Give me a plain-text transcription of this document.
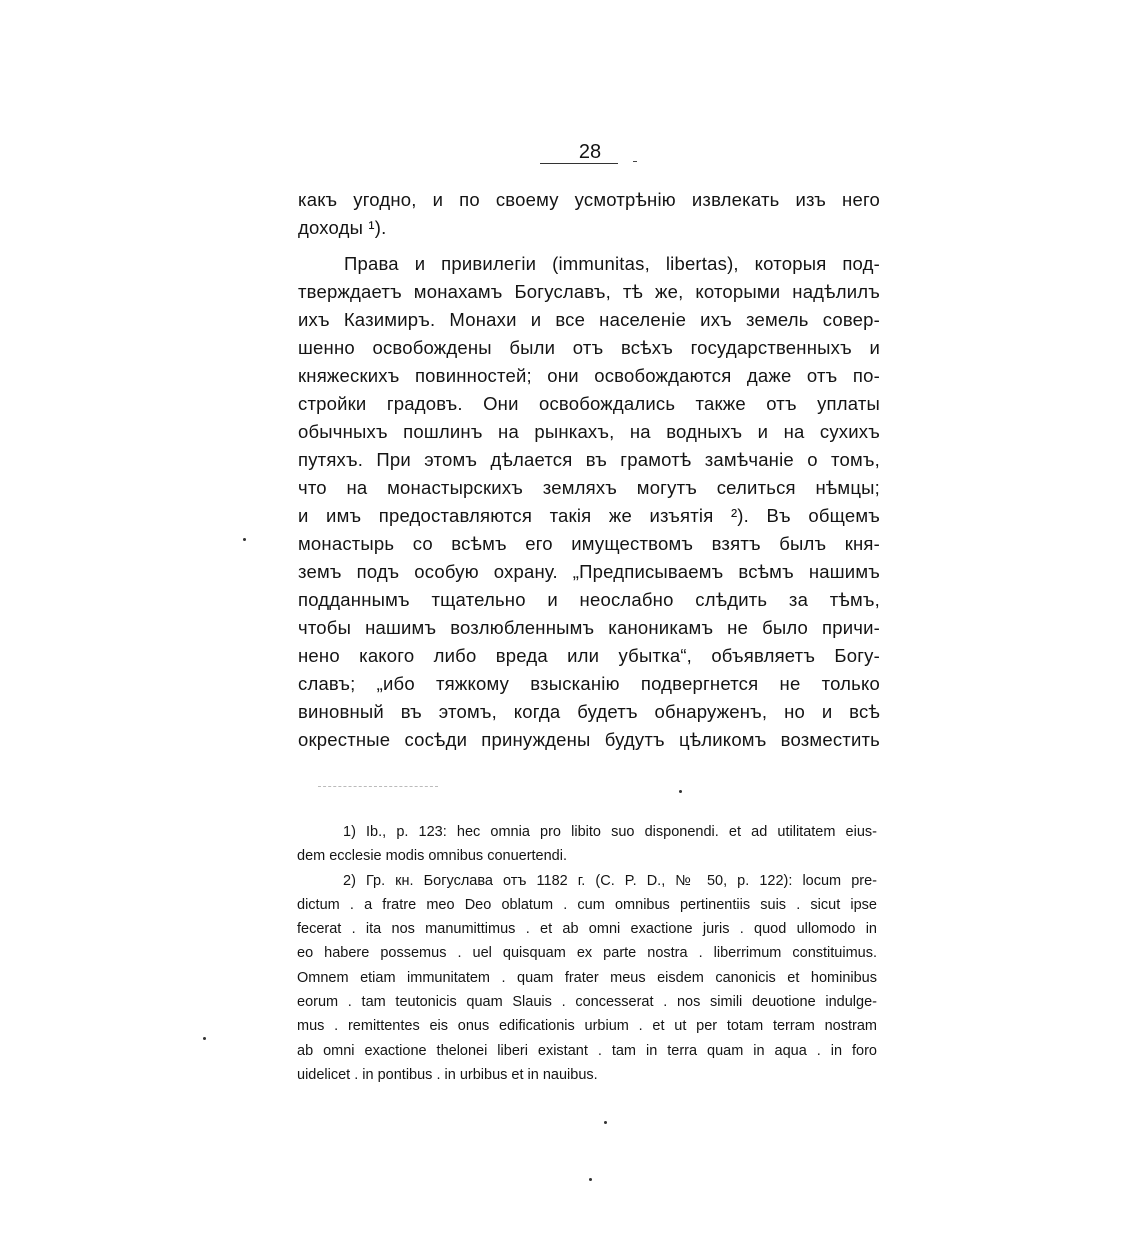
28
какъ угодно, и по своему усмотрѣнію извлекать изъ него
доходы ¹).
Права и привилегіи (immunitas, libertas), которыя под-
тверждаетъ монахамъ Богуславъ, тѣ же, которыми надѣлилъ
ихъ Казимиръ. Монахи и все населеніе ихъ земель совер-
шенно освобождены были отъ всѣхъ государственныхъ и
княжескихъ повинностей; они освобождаются даже отъ по-
стройки градовъ. Они освобождались также отъ уплаты
обычныхъ пошлинъ на рынкахъ, на водныхъ и на сухихъ
путяхъ. При этомъ дѣлается въ грамотѣ замѣчаніе о томъ,
что на монастырскихъ земляхъ могутъ селиться нѣмцы;
и имъ предоставляются такія же изъятія ²). Въ общемъ
монастырь со всѣмъ его имуществомъ взятъ былъ кня-
земъ подъ особую охрану. „Предписываемъ всѣмъ нашимъ
подданнымъ тщательно и неослабно слѣдить за тѣмъ,
чтобы нашимъ возлюбленнымъ каноникамъ не было причи-
нено какого либо вреда или убытка“, объявляетъ Богу-
славъ; „ибо тяжкому взысканію подвергнется не только
виновный въ этомъ, когда будетъ обнаруженъ, но и всѣ
окрестные сосѣди принуждены будутъ цѣликомъ возместить
1) Ib., p. 123: hec omnia pro libito suo disponendi. et ad utilitatem eius-
dem ecclesie modis omnibus conuertendi.
2) Гр. кн. Богуслава отъ 1182 г. (C. P. D., № 50, p. 122): locum pre-
dictum . a fratre meo Deo oblatum . cum omnibus pertinentiis suis . sicut ipse
fecerat . ita nos manumittimus . et ab omni exactione juris . quod ullomodo in
eo habere possemus . uel quisquam ex parte nostra . liberrimum constituimus.
Omnem etiam immunitatem . quam frater meus eisdem canonicis et hominibus
eorum . tam teutonicis quam Slauis . concesserat . nos simili deuotione indulge-
mus . remittentes eis onus edificationis urbium . et ut per totam terram nostram
ab omni exactione thelonei liberi existant . tam in terra quam in aqua . in foro
uidelicet . in pontibus . in urbibus et in nauibus.
